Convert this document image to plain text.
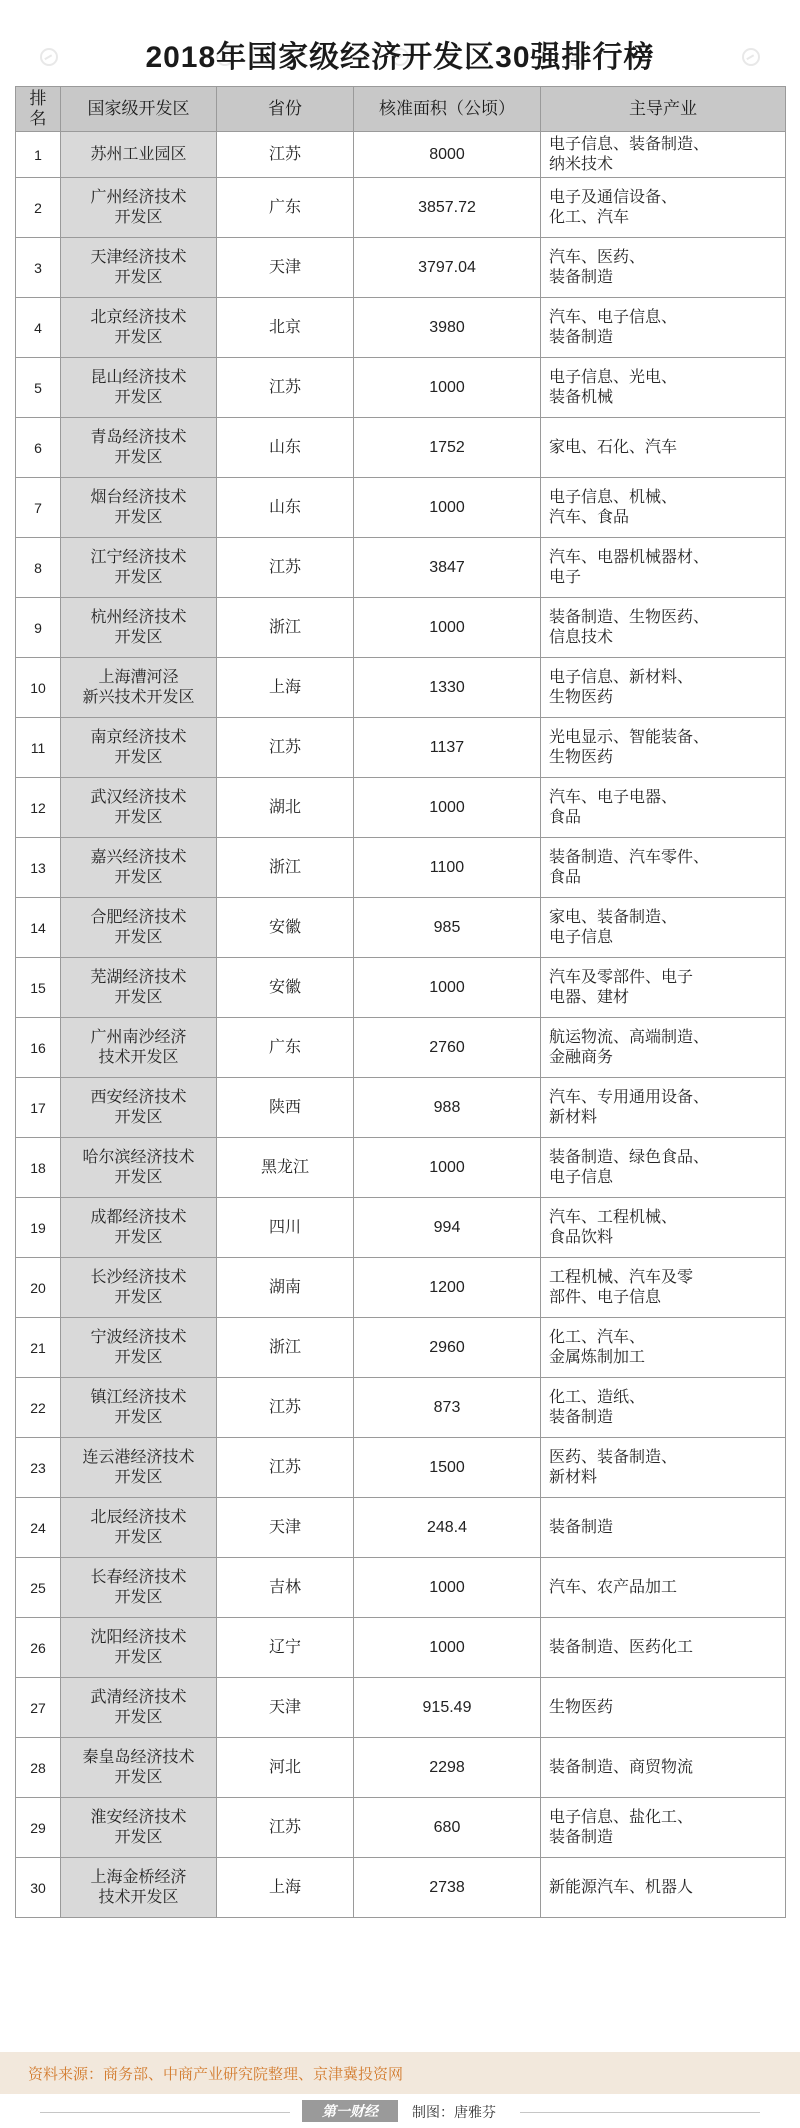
2018年国家级经济开发区30强排行榜
排名	国家级开发区	省份	核准面积（公顷）	主导产业
1	苏州工业园区	江苏	8000	电子信息、装备制造、
纳米技术
2	广州经济技术
开发区	广东	3857.72	电子及通信设备、
化工、汽车
3	天津经济技术
开发区	天津	3797.04	汽车、医药、
装备制造
4	北京经济技术
开发区	北京	3980	汽车、电子信息、
装备制造
5	昆山经济技术
开发区	江苏	1000	电子信息、光电、
装备机械
6	青岛经济技术
开发区	山东	1752	家电、石化、汽车
7	烟台经济技术
开发区	山东	1000	电子信息、机械、
汽车、食品
8	江宁经济技术
开发区	江苏	3847	汽车、电器机械器材、
电子
9	杭州经济技术
开发区	浙江	1000	装备制造、生物医药、
信息技术
10	上海漕河泾
新兴技术开发区	上海	1330	电子信息、新材料、
生物医药
11	南京经济技术
开发区	江苏	1137	光电显示、智能装备、
生物医药
12	武汉经济技术
开发区	湖北	1000	汽车、电子电器、
食品
13	嘉兴经济技术
开发区	浙江	1100	装备制造、汽车零件、
食品
14	合肥经济技术
开发区	安徽	985	家电、装备制造、
电子信息
15	芜湖经济技术
开发区	安徽	1000	汽车及零部件、电子
电器、建材
16	广州南沙经济
技术开发区	广东	2760	航运物流、高端制造、
金融商务
17	西安经济技术
开发区	陕西	988	汽车、专用通用设备、
新材料
18	哈尔滨经济技术
开发区	黑龙江	1000	装备制造、绿色食品、
电子信息
19	成都经济技术
开发区	四川	994	汽车、工程机械、
食品饮料
20	长沙经济技术
开发区	湖南	1200	工程机械、汽车及零
部件、电子信息
21	宁波经济技术
开发区	浙江	2960	化工、汽车、
金属炼制加工
22	镇江经济技术
开发区	江苏	873	化工、造纸、
装备制造
23	连云港经济技术
开发区	江苏	1500	医药、装备制造、
新材料
24	北辰经济技术
开发区	天津	248.4	装备制造
25	长春经济技术
开发区	吉林	1000	汽车、农产品加工
26	沈阳经济技术
开发区	辽宁	1000	装备制造、医药化工
27	武清经济技术
开发区	天津	915.49	生物医药
28	秦皇岛经济技术
开发区	河北	2298	装备制造、商贸物流
29	淮安经济技术
开发区	江苏	680	电子信息、盐化工、
装备制造
30	上海金桥经济
技术开发区	上海	2738	新能源汽车、机器人
资料来源：商务部、中商产业研究院整理、京津冀投资网
第一财经	制图：唐雅芬
